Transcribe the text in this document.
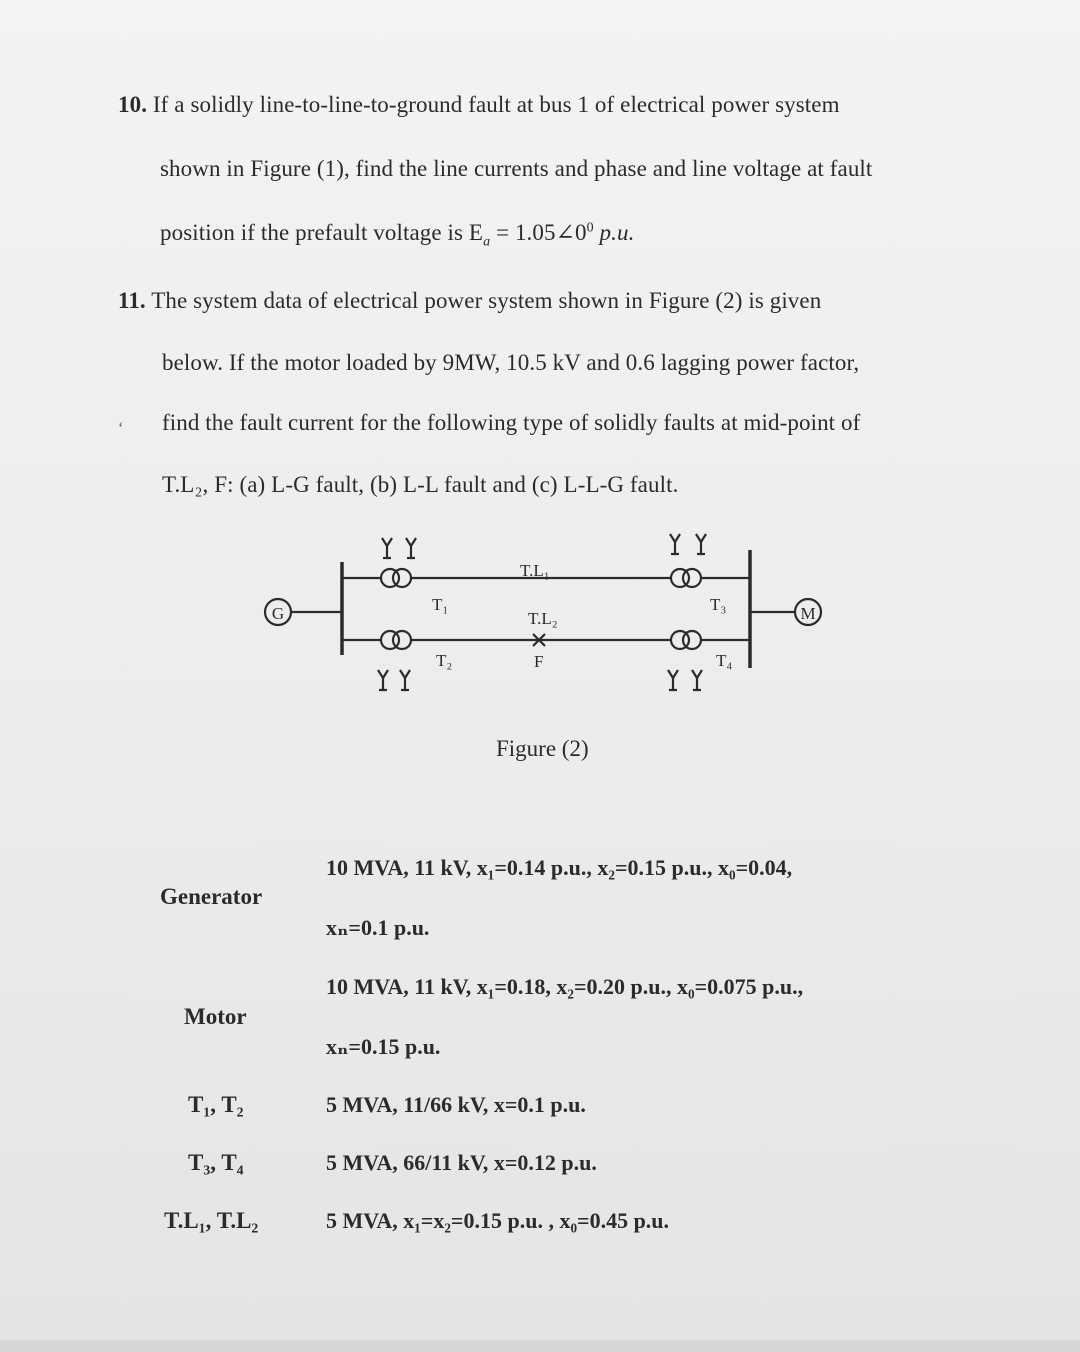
10. If a solidly line-to-line-to-ground fault at bus 1 of electrical power system
shown in Figure (1), find the line currents and phase and line voltage at fault
position if the prefault voltage is $E_a$ = $1.05\angle 0^0$ p.u.
11. The system data of electrical power system shown in Figure (2) is given
below. If the motor loaded by 9MW, 10.5 kV and 0.6 lagging power factor,
‘ find the fault current for the following type of solidly faults at mid-point of
T.L₂, F: (a) L-G fault, (b) L-L fault and (c) L-L-G fault.
G	M
T₁
T₂
T₃
T₄
T.L₁
T.L₂
F
Figure (2)
Generator
10 MVA, 11 kV, x₁=0.14 p.u., x₂=0.15 p.u., x₀=0.04,
xₙ=0.1 p.u.
Motor
10 MVA, 11 kV, x₁=0.18, x₂=0.20 p.u., x₀=0.075 p.u.,
xₙ=0.15 p.u.
T₁, T₂	5 MVA, 11/66 kV, x=0.1 p.u.
T₃, T₄	5 MVA, 66/11 kV, x=0.12 p.u.
T.L₁, T.L₂	5 MVA, x₁=x₂=0.15 p.u. , x₀=0.45 p.u.
